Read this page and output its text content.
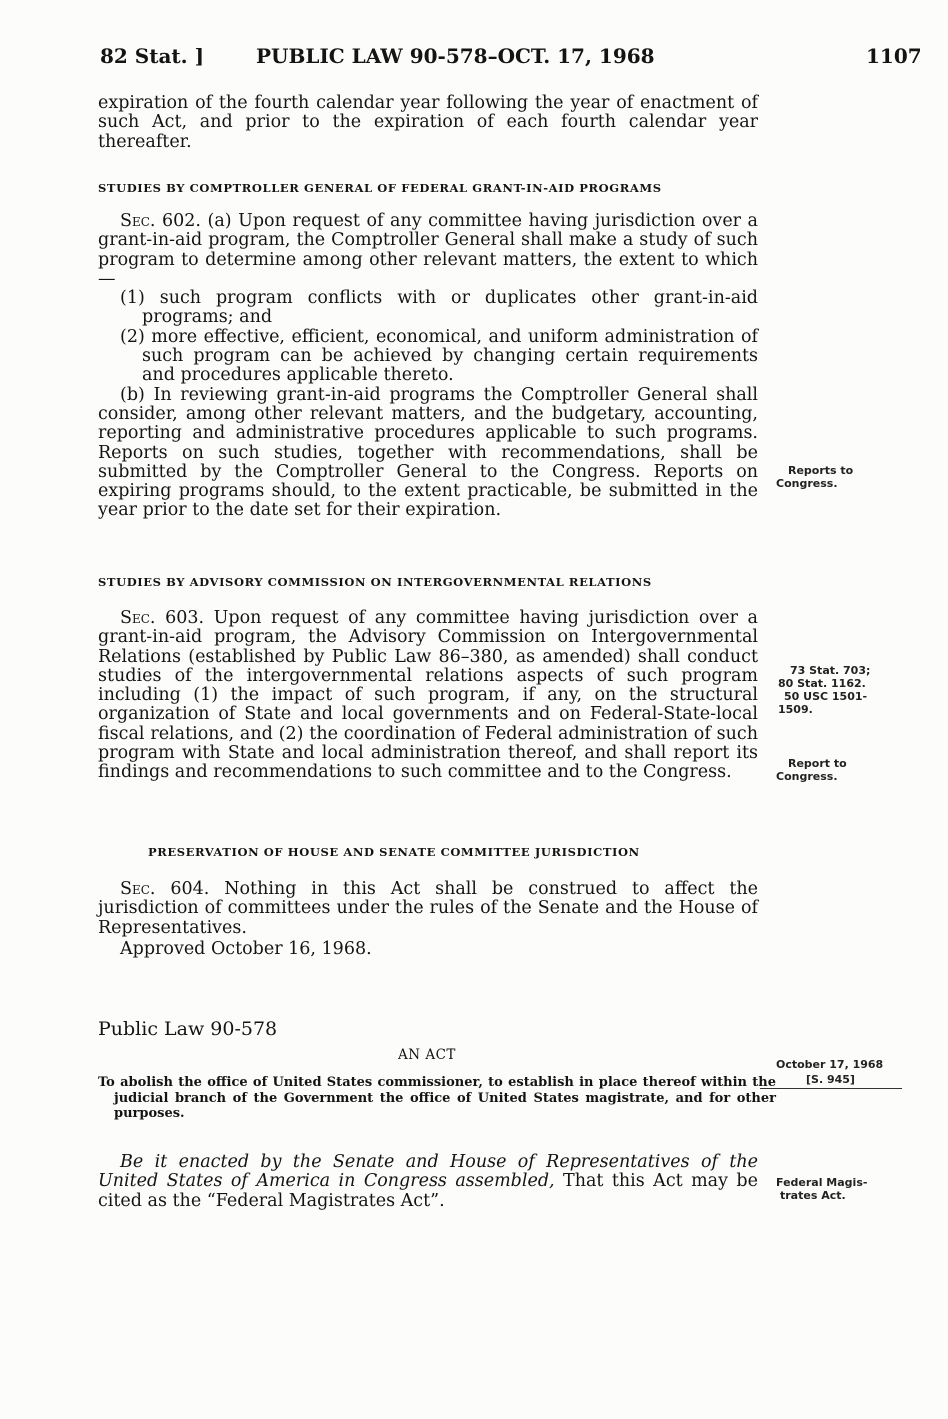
82 Stat. ]	PUBLIC LAW 90-578–OCT. 17, 1968	1107

expiration of the fourth calendar year following the year of enactment of such Act, and prior to the expiration of each fourth calendar year thereafter.

STUDIES BY COMPTROLLER GENERAL OF FEDERAL GRANT-IN-AID PROGRAMS

Sec. 602. (a) Upon request of any committee having jurisdiction over a grant-in-aid program, the Comptroller General shall make a study of such program to determine among other relevant matters, the extent to which—

(1) such program conflicts with or duplicates other grant-in-aid programs; and

(2) more effective, efficient, economical, and uniform administration of such program can be achieved by changing certain requirements and procedures applicable thereto.

(b) In reviewing grant-in-aid programs the Comptroller General shall consider, among other relevant matters, and the budgetary, accounting, reporting and administrative procedures applicable to such programs. Reports on such studies, together with recommendations, shall be submitted by the Comptroller General to the Congress. Reports on expiring programs should, to the extent practicable, be submitted in the year prior to the date set for their expiration.

STUDIES BY ADVISORY COMMISSION ON INTERGOVERNMENTAL RELATIONS

Sec. 603. Upon request of any committee having jurisdiction over a grant-in-aid program, the Advisory Commission on Intergovernmental Relations (established by Public Law 86–380, as amended) shall conduct studies of the intergovernmental relations aspects of such program including (1) the impact of such program, if any, on the structural organization of State and local governments and on Federal-State-local fiscal relations, and (2) the coordination of Federal administration of such program with State and local administration thereof, and shall report its findings and recommendations to such committee and to the Congress.

PRESERVATION OF HOUSE AND SENATE COMMITTEE JURISDICTION

Sec. 604. Nothing in this Act shall be construed to affect the jurisdiction of committees under the rules of the Senate and the House of Representatives.

Approved October 16, 1968.

Public Law 90-578
AN ACT
To abolish the office of United States commissioner, to establish in place thereof within the judicial branch of the Government the office of United States magistrate, and for other purposes.
Be it enacted by the Senate and House of Representatives of the United States of America in Congress assembled, That this Act may be cited as the “Federal Magistrates Act”.
Reports to
Congress.
73 Stat. 703;
80 Stat. 1162.
50 USC 1501-
1509.
Report to
Congress.
October 17, 1968
[S. 945]
Federal Magis-
trates Act.
